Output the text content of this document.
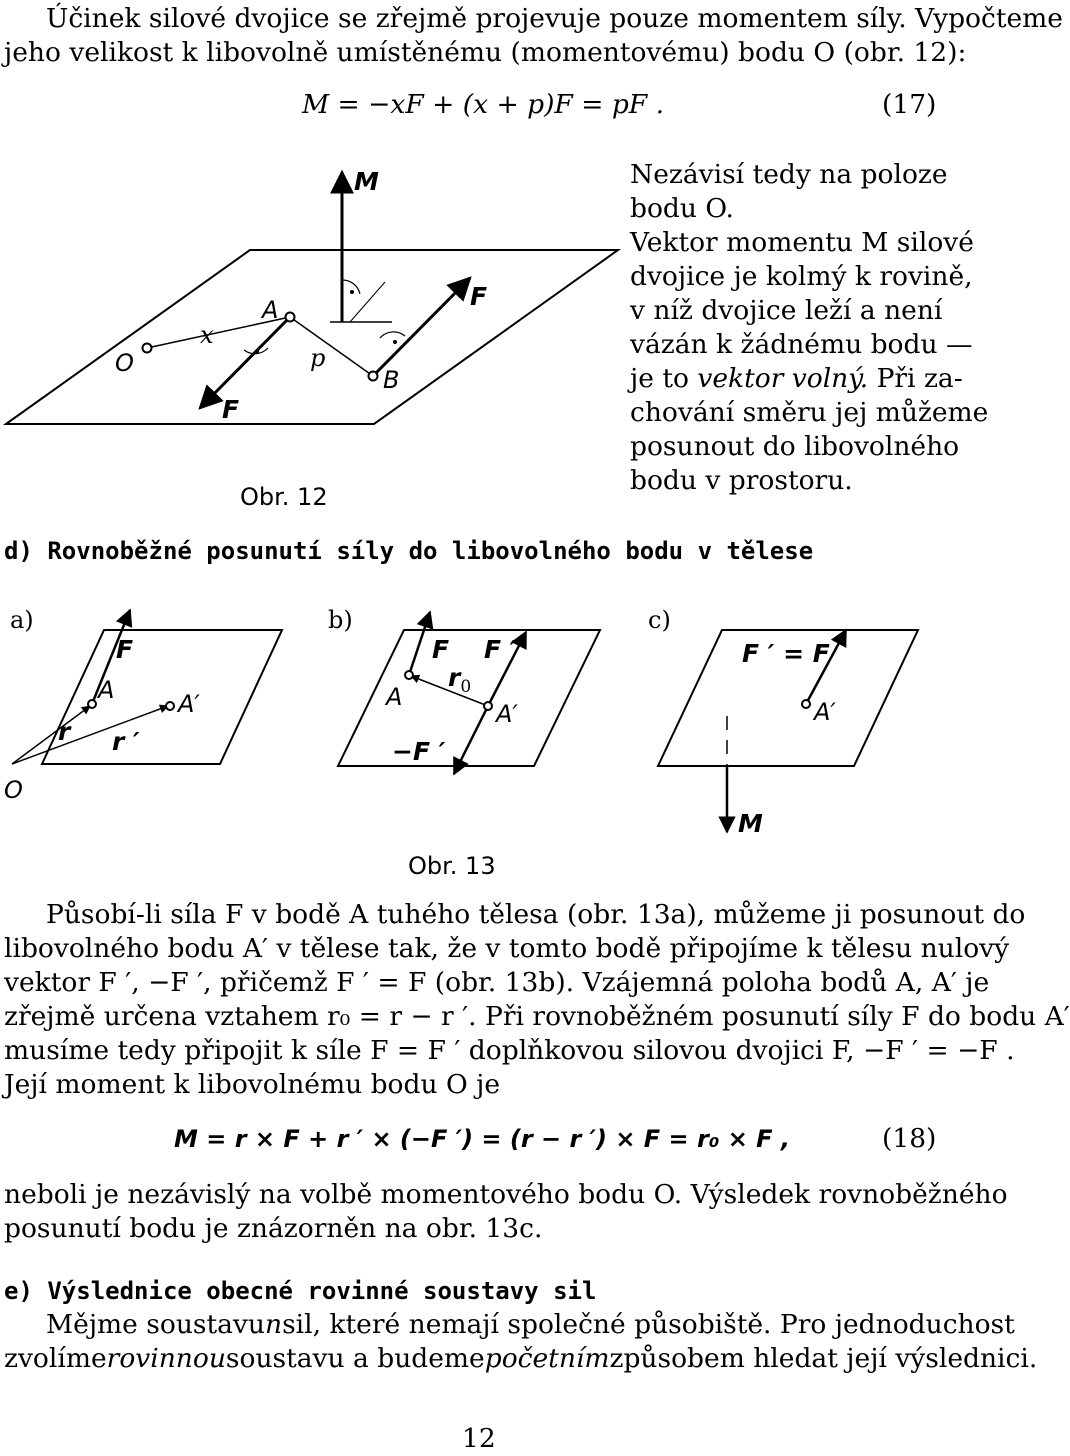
Účinek silové dvojice se zřejmě projevuje pouze momentem síly. Vypočteme
jeho velikost k libovolně umístěnému (momentovému) bodu O (obr. 12):
M = −xF + (x + p)F = pF .	(17)
Nezávisí tedy na poloze
bodu O.
Vektor momentu M silové
dvojice je kolmý k rovině,
v níž dvojice leží a není
vázán k žádnému bodu —
je to vektor volný. Při za-
chování směru jej můžeme
posunout do libovolného
bodu v prostoru.
M
F
F
A
B
O
x
p
Obr. 12
d) Rovnoběžné posunutí síly do libovolného bodu v tělese
a)	b)	c)
F
A	A′
r r ′
O
F F ′
$r_0$
A
A′
−F ′
F ′ = F
A′
M
Obr. 13
Působí-li síla F v bodě A tuhého tělesa (obr. 13a), můžeme ji posunout do
libovolného bodu A′ v tělese tak, že v tomto bodě připojíme k tělesu nulový
vektor F ′, −F ′, přičemž F ′ = F (obr. 13b). Vzájemná poloha bodů A, A′ je
zřejmě určena vztahem r₀ = r − r ′. Při rovnoběžném posunutí síly F do bodu A′
musíme tedy připojit k síle F = F ′ doplňkovou silovou dvojici F, −F ′ = −F .
Její moment k libovolnému bodu O je
M = r × F + r ′ × (−F ′) = (r − r ′) × F = r₀ × F ,	(18)
neboli je nezávislý na volbě momentového bodu O. Výsledek rovnoběžného
posunutí bodu je znázorněn na obr. 13c.
e) Výslednice obecné rovinné soustavy sil
Mějme soustavu n sil, které nemají společné působiště. Pro jednoduchost
zvolíme rovinnou soustavu a budeme početním způsobem hledat její výslednici.
12
